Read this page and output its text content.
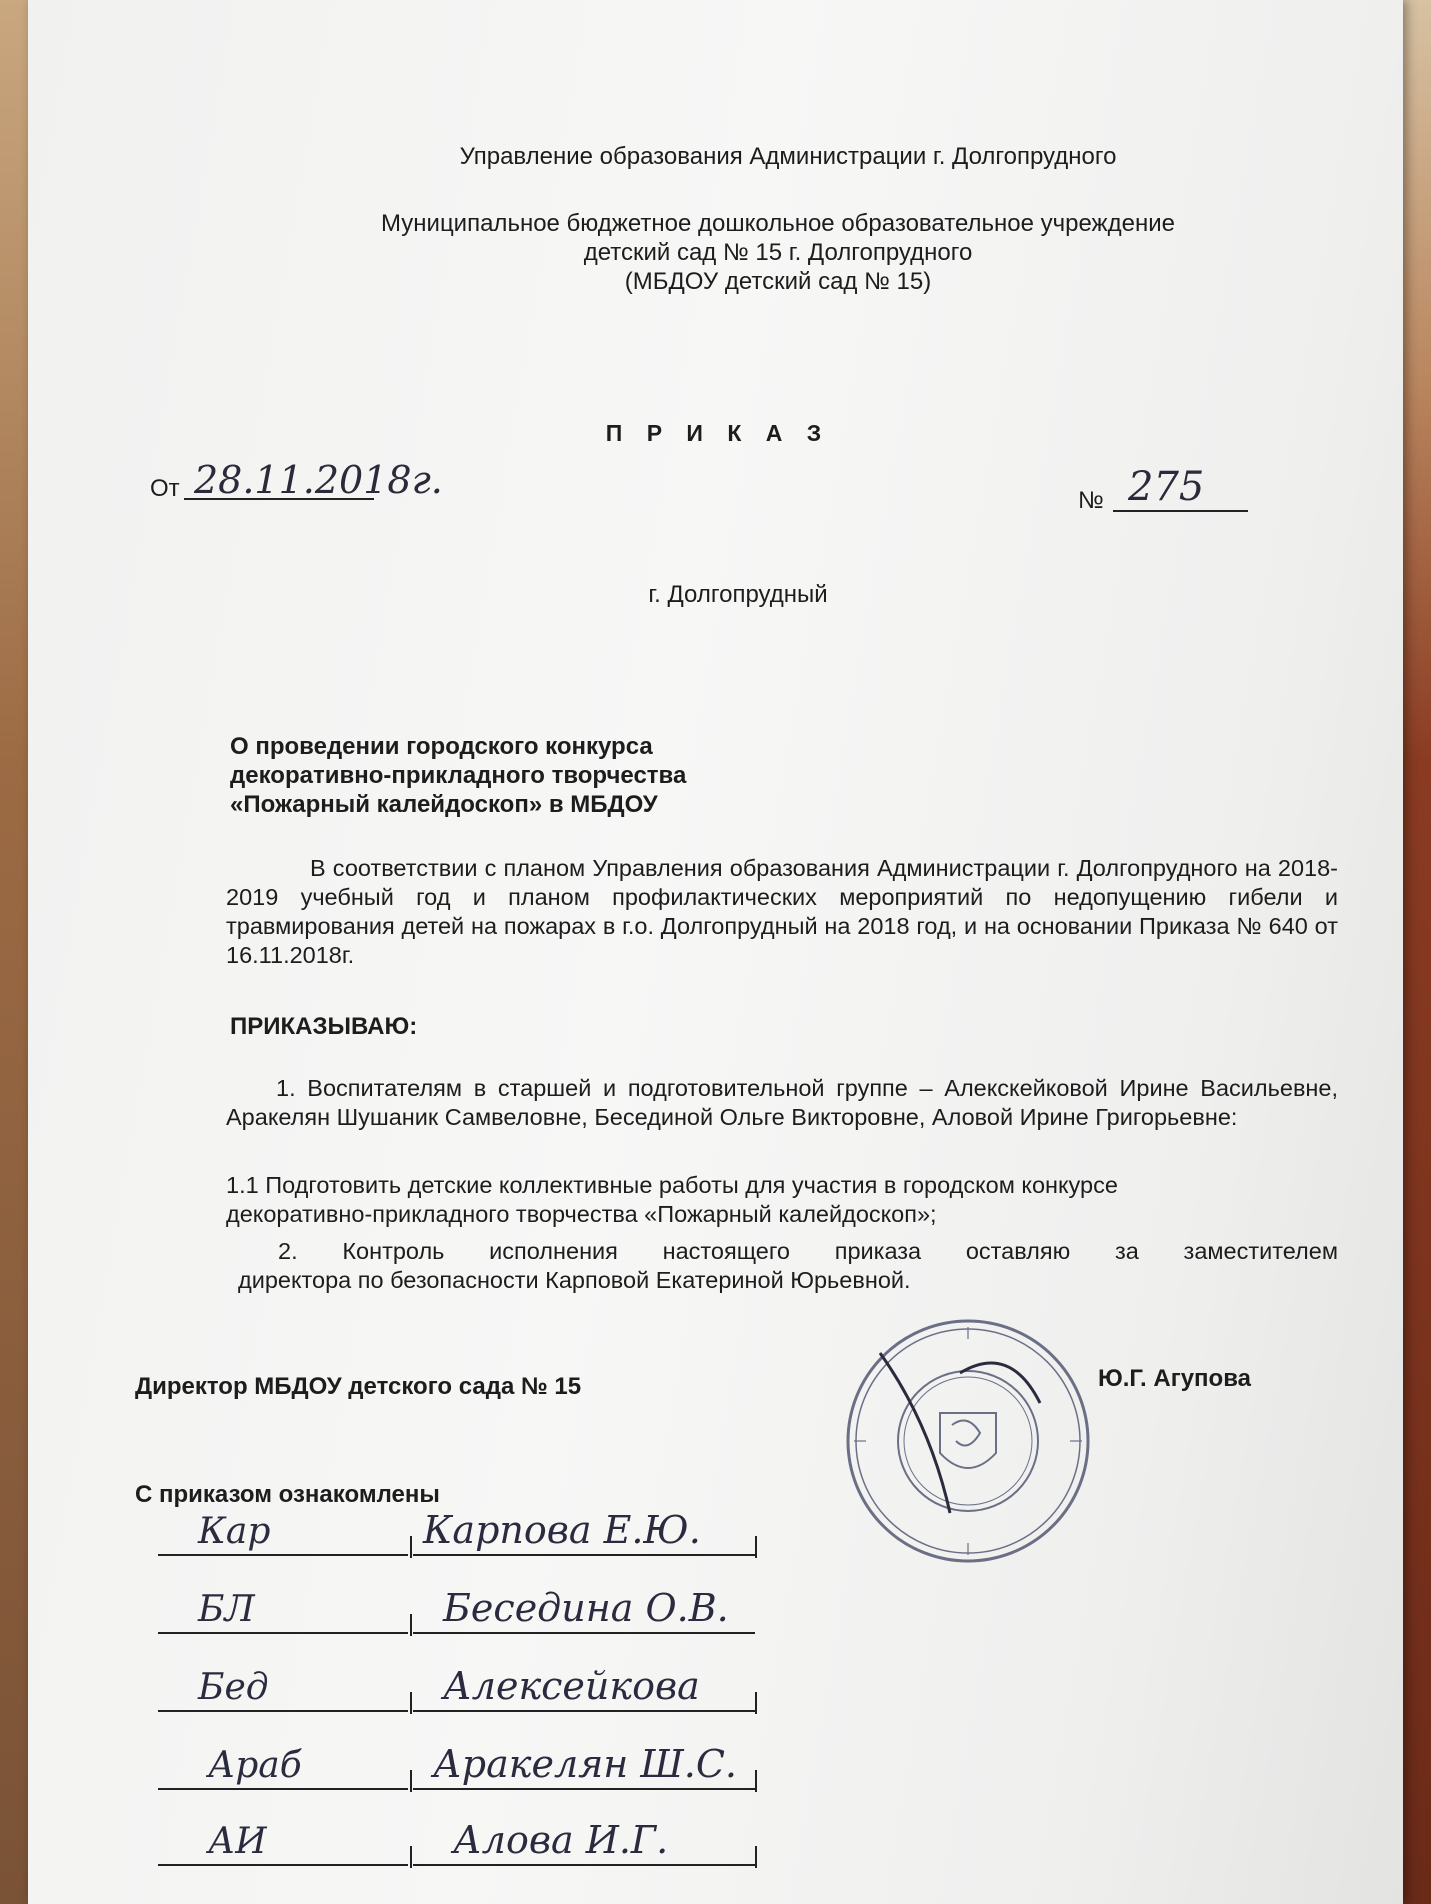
Управление образования Администрации г. Долгопрудного
Муниципальное бюджетное дошкольное образовательное учреждение
детский сад № 15 г. Долгопрудного
(МБДОУ детский сад № 15)
П Р И К А З
От 28.11.2018г.	№ 275
г. Долгопрудный
О проведении городского конкурса
декоративно-прикладного творчества
«Пожарный калейдоскоп» в МБДОУ
В соответствии с планом Управления образования Администрации г. Долгопрудного на 2018-2019 учебный год и планом профилактических мероприятий по недопущению гибели и травмирования детей на пожарах в г.о. Долгопрудный на 2018 год, и на основании Приказа № 640 от 16.11.2018г.
ПРИКАЗЫВАЮ:
1. Воспитателям в старшей и подготовительной группе – Алекскейковой Ирине Васильевне, Аракелян Шушаник Самвеловне, Бесединой Ольге Викторовне, Аловой Ирине Григорьевне:
1.1 Подготовить детские коллективные работы для участия в городском конкурсе
декоративно-прикладного творчества «Пожарный калейдоскоп»;
2. Контроль исполнения настоящего приказа оставляю за заместителем
директора по безопасности Карповой Екатериной Юрьевной.
Директор МБДОУ детского сада № 15	Ю.Г. Агупова
С приказом ознакомлены
Кар	Карпова Е.Ю.
БЛ	Беседина О.В.
Бед	Алексейкова
Араб	Аракелян Ш.С.
АИ	Алова И.Г.
